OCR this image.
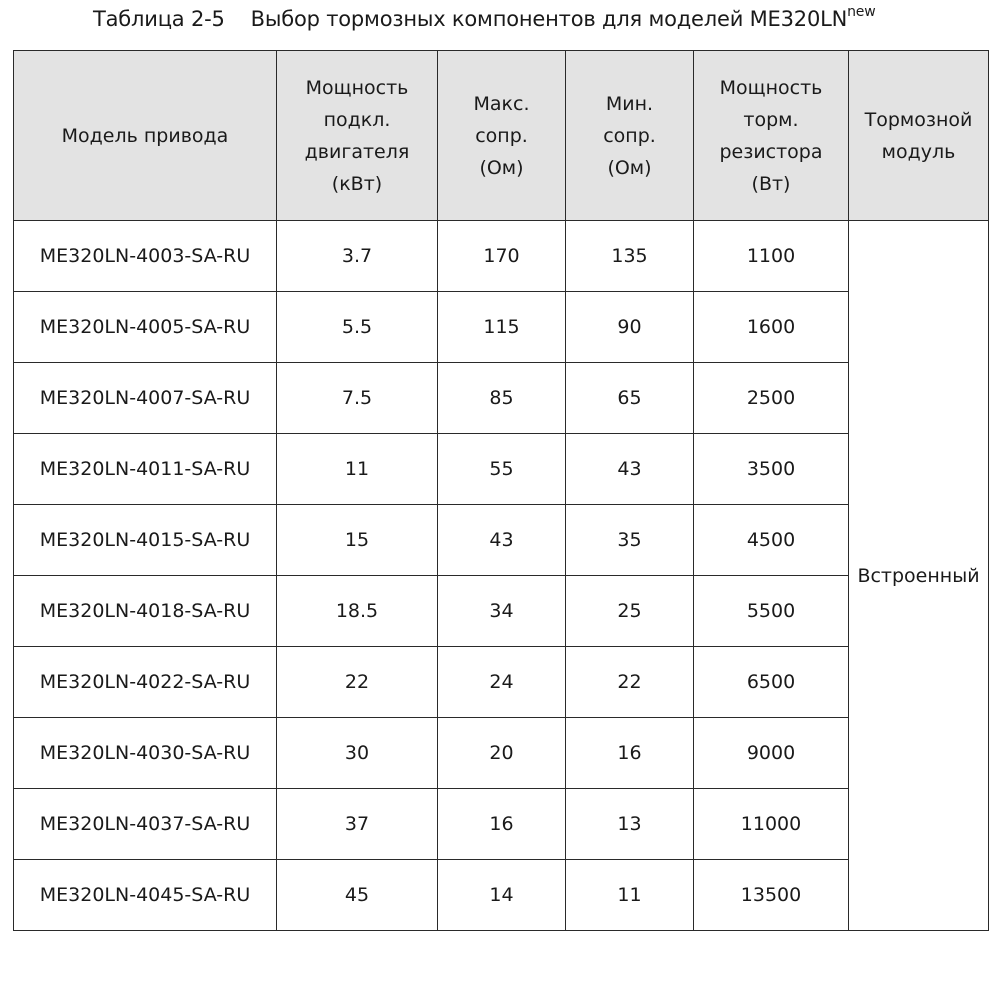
Таблица 2-5 Выбор тормозных компонентов для моделей $ME320LN^{new}$
Модель привода	Мощность
подкл.
двигателя
(кВт)	Макс.
сопр.
(Ом)	Мин.
сопр.
(Ом)	Мощность
торм.
резистора
(Вт)	Тормозной
модуль

ME320LN-4003-SA-RU	3.7	170	135	1100	Встроенный
ME320LN-4005-SA-RU	5.5	115	90	1600	
ME320LN-4007-SA-RU	7.5	85	65	2500	
ME320LN-4011-SA-RU	11	55	43	3500	
ME320LN-4015-SA-RU	15	43	35	4500	
ME320LN-4018-SA-RU	18.5	34	25	5500	
ME320LN-4022-SA-RU	22	24	22	6500	
ME320LN-4030-SA-RU	30	20	16	9000	
ME320LN-4037-SA-RU	37	16	13	11000	
ME320LN-4045-SA-RU	45	14	11	13500	
